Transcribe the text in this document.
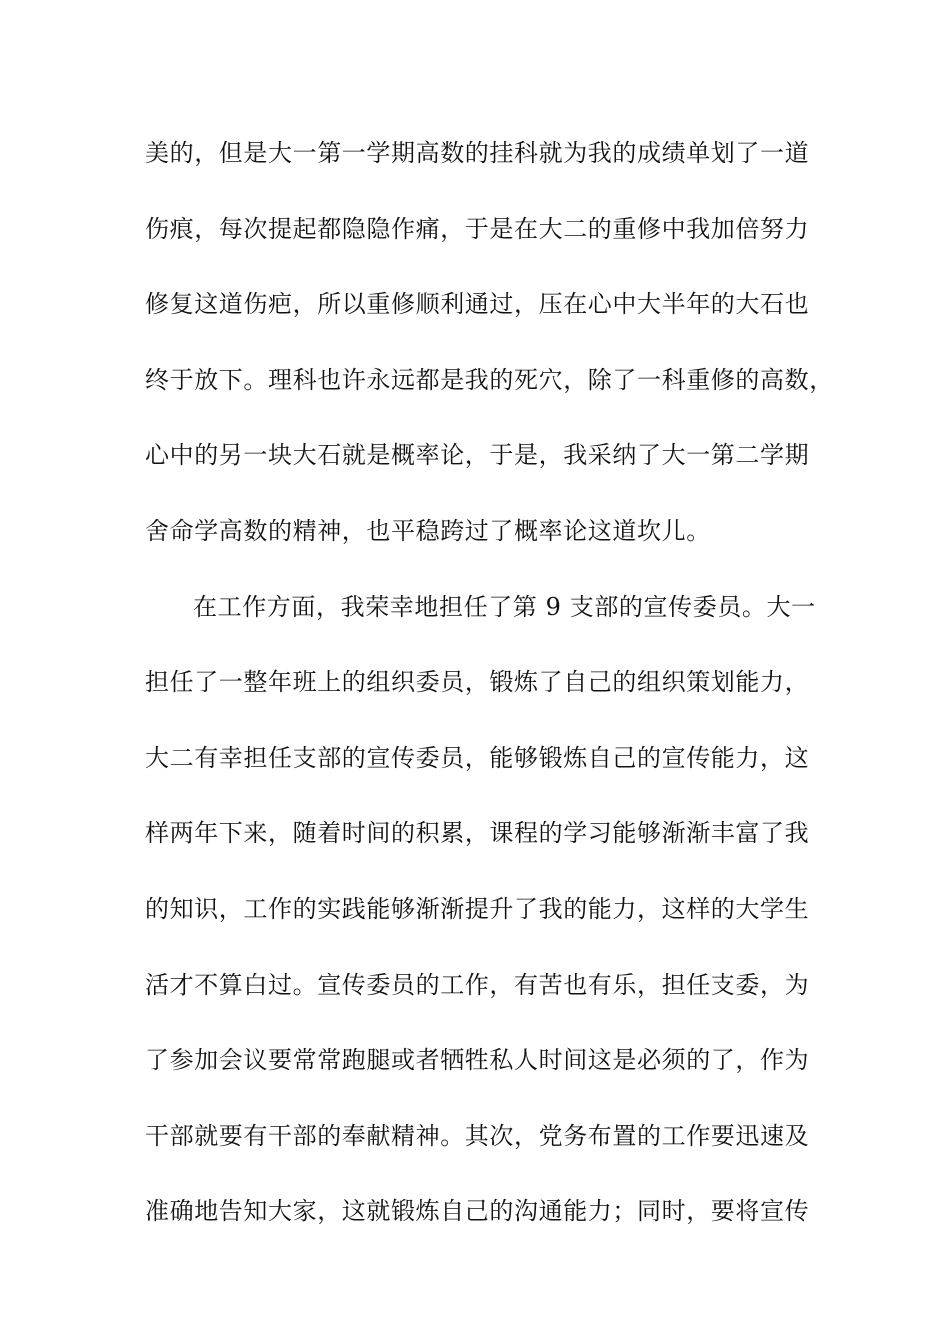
美的，但是大一第一学期高数的挂科就为我的成绩单划了一道
伤痕，每次提起都隐隐作痛，于是在大二的重修中我加倍努力
修复这道伤疤，所以重修顺利通过，压在心中大半年的大石也
终于放下。理科也许永远都是我的死穴，除了一科重修的高数，
心中的另一块大石就是概率论，于是，我采纳了大一第二学期
舍命学高数的精神，也平稳跨过了概率论这道坎儿。
在工作方面，我荣幸地担任了第 9 支部的宣传委员。大一
担任了一整年班上的组织委员，锻炼了自己的组织策划能力，
大二有幸担任支部的宣传委员，能够锻炼自己的宣传能力，这
样两年下来，随着时间的积累，课程的学习能够渐渐丰富了我
的知识，工作的实践能够渐渐提升了我的能力，这样的大学生
活才不算白过。宣传委员的工作，有苦也有乐，担任支委，为
了参加会议要常常跑腿或者牺牲私人时间这是必须的了，作为
干部就要有干部的奉献精神。其次，党务布置的工作要迅速及
准确地告知大家，这就锻炼自己的沟通能力；同时，要将宣传
